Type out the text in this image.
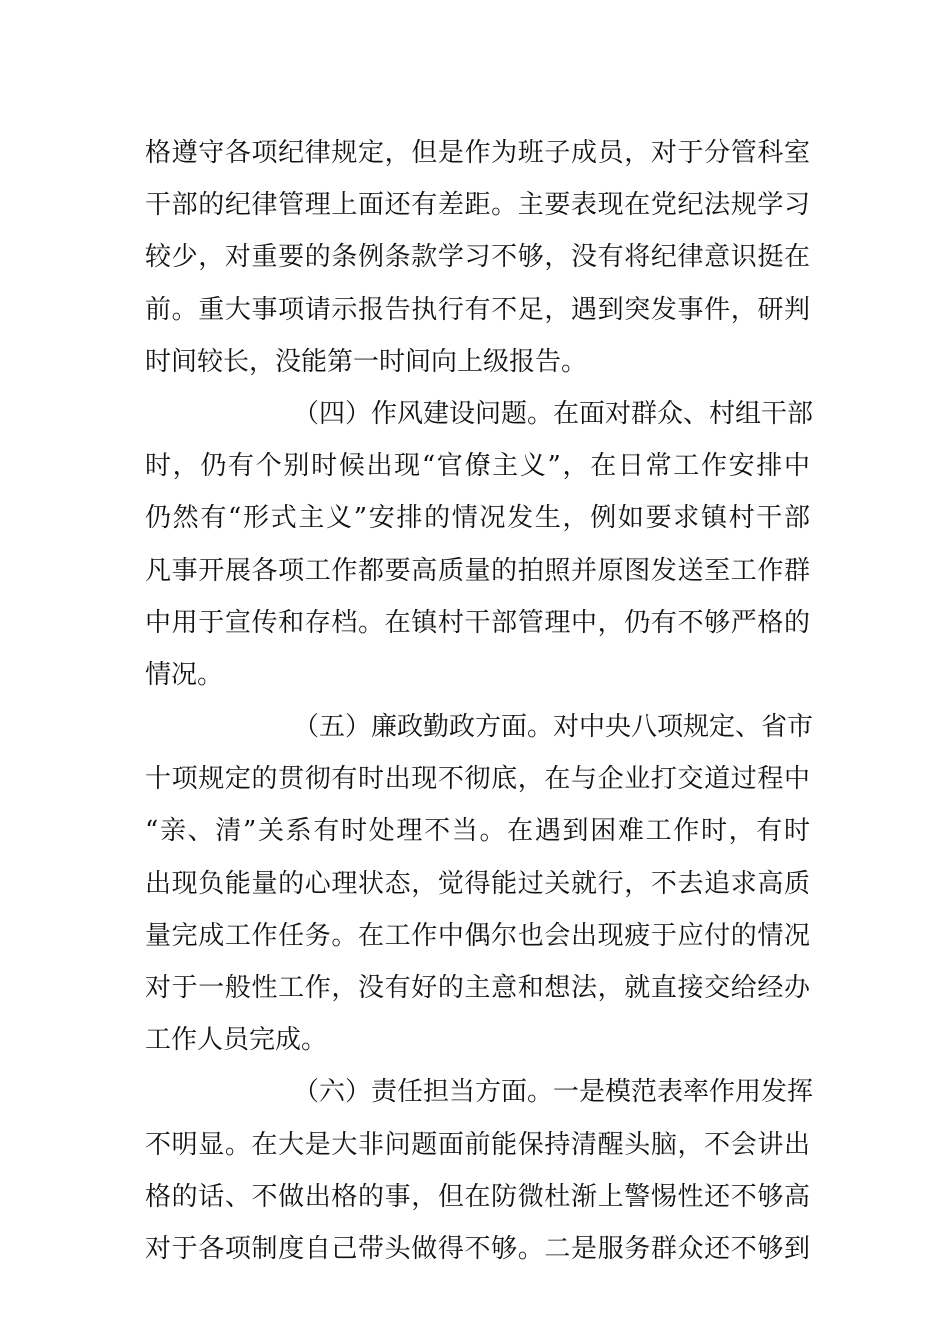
格遵守各项纪律规定，但是作为班子成员，对于分管科室
干部的纪律管理上面还有差距。主要表现在党纪法规学习
较少，对重要的条例条款学习不够，没有将纪律意识挺在
前。重大事项请示报告执行有不足，遇到突发事件，研判
时间较长，没能第一时间向上级报告。
（四）作风建设问题。在面对群众、村组干部
时，仍有个别时候出现“官僚主义”，在日常工作安排中
仍然有“形式主义”安排的情况发生，例如要求镇村干部
凡事开展各项工作都要高质量的拍照并原图发送至工作群
中用于宣传和存档。在镇村干部管理中，仍有不够严格的
情况。
（五）廉政勤政方面。对中央八项规定、省市
十项规定的贯彻有时出现不彻底，在与企业打交道过程中
“亲、清”关系有时处理不当。在遇到困难工作时，有时
出现负能量的心理状态，觉得能过关就行，不去追求高质
量完成工作任务。在工作中偶尔也会出现疲于应付的情况
对于一般性工作，没有好的主意和想法，就直接交给经办
工作人员完成。
（六）责任担当方面。一是模范表率作用发挥
不明显。在大是大非问题面前能保持清醒头脑，不会讲出
格的话、不做出格的事，但在防微杜渐上警惕性还不够高
对于各项制度自己带头做得不够。二是服务群众还不够到
